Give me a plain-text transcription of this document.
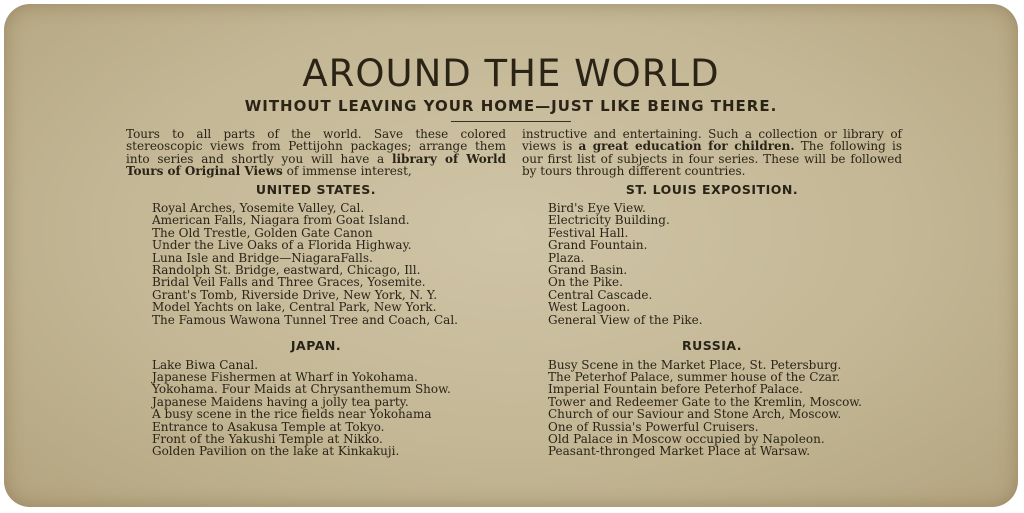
AROUND THE WORLD
WITHOUT LEAVING YOUR HOME—JUST LIKE BEING THERE.

Tours to all parts of the world. Save these colored stereoscopic views from Pettijohn packages; arrange them into series and shortly you will have a library of World Tours of Original Views of immense interest,

UNITED STATES.
Royal Arches, Yosemite Valley, Cal.
American Falls, Niagara from Goat Island.
The Old Trestle, Golden Gate Canon
Under the Live Oaks of a Florida Highway.
Luna Isle and Bridge—NiagaraFalls.
Randolph St. Bridge, eastward, Chicago, Ill.
Bridal Veil Falls and Three Graces, Yosemite.
Grant's Tomb, Riverside Drive, New York, N. Y.
Model Yachts on lake, Central Park, New York.
The Famous Wawona Tunnel Tree and Coach, Cal.
JAPAN.
Lake Biwa Canal.
Japanese Fishermen at Wharf in Yokohama.
Yokohama. Four Maids at Chrysanthemum Show.
Japanese Maidens having a jolly tea party.
A busy scene in the rice fields near Yokohama
Entrance to Asakusa Temple at Tokyo.
Front of the Yakushi Temple at Nikko.
Golden Pavilion on the lake at Kinkakuji.

instructive and entertaining. Such a collection or library of views is a great education for children. The following is our first list of subjects in four series. These will be followed by tours through different countries.

ST. LOUIS EXPOSITION.
Bird's Eye View.
Electricity Building.
Festival Hall.
Grand Fountain.
Plaza.
Grand Basin.
On the Pike.
Central Cascade.
West Lagoon.
General View of the Pike.
RUSSIA.
Busy Scene in the Market Place, St. Petersburg.
The Peterhof Palace, summer house of the Czar.
Imperial Fountain before Peterhof Palace.
Tower and Redeemer Gate to the Kremlin, Moscow.
Church of our Saviour and Stone Arch, Moscow.
One of Russia's Powerful Cruisers.
Old Palace in Moscow occupied by Napoleon.
Peasant-thronged Market Place at Warsaw.
